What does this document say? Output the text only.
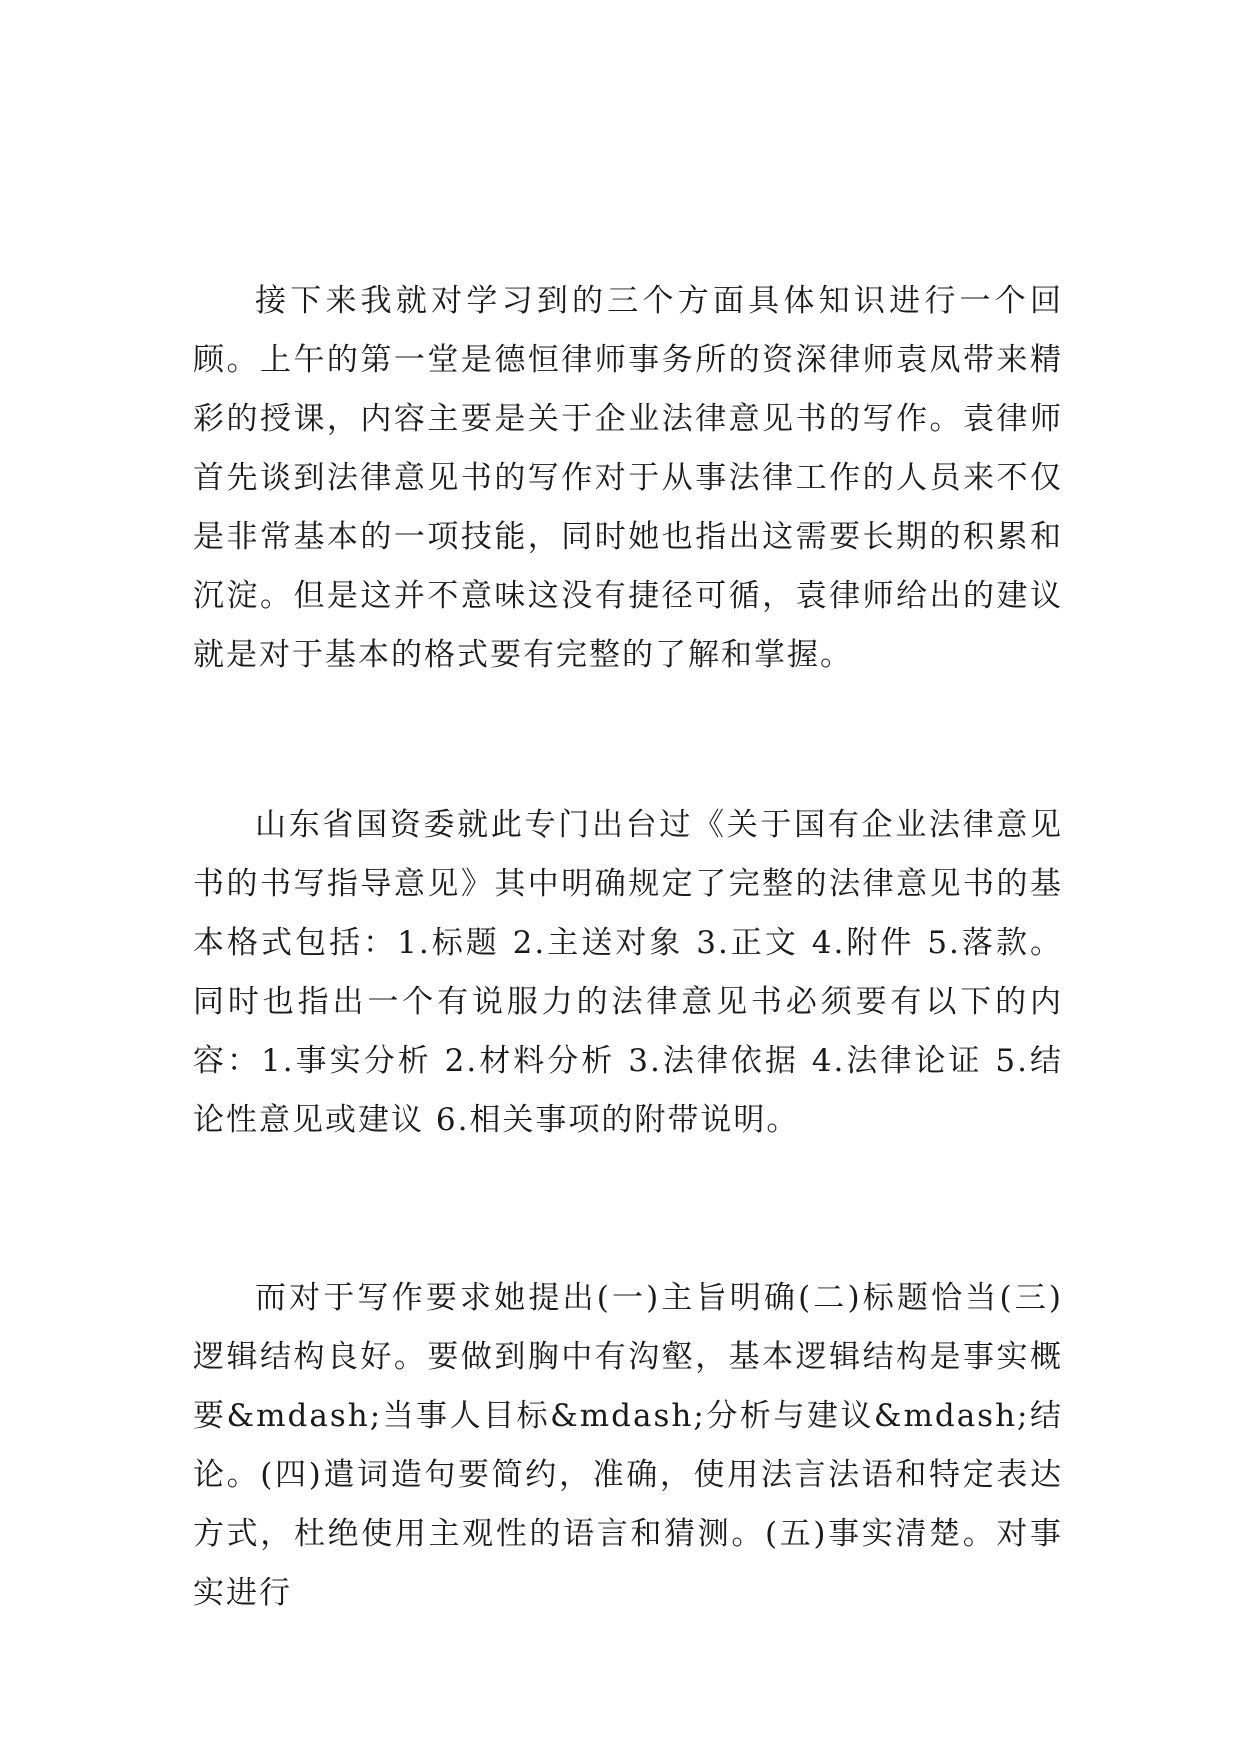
接下来我就对学习到的三个方面具体知识进行一个回顾。上午的第一堂是德恒律师事务所的资深律师袁凤带来精彩的授课，内容主要是关于企业法律意见书的写作。袁律师首先谈到法律意见书的写作对于从事法律工作的人员来不仅是非常基本的一项技能，同时她也指出这需要长期的积累和沉淀。但是这并不意味这没有捷径可循，袁律师给出的建议就是对于基本的格式要有完整的了解和掌握。

山东省国资委就此专门出台过《关于国有企业法律意见书的书写指导意见》其中明确规定了完整的法律意见书的基本格式包括：1.标题 2.主送对象 3.正文 4.附件 5.落款。同时也指出一个有说服力的法律意见书必须要有以下的内容：1.事实分析 2.材料分析 3.法律依据 4.法律论证 5.结论性意见或建议 6.相关事项的附带说明。

而对于写作要求她提出(一)主旨明确(二)标题恰当(三)逻辑结构良好。要做到胸中有沟壑，基本逻辑结构是事实概要&mdash;当事人目标&mdash;分析与建议&mdash;结论。(四)遣词造句要简约，准确，使用法言法语和特定表达方式，杜绝使用主观性的语言和猜测。(五)事实清楚。对事实进行
